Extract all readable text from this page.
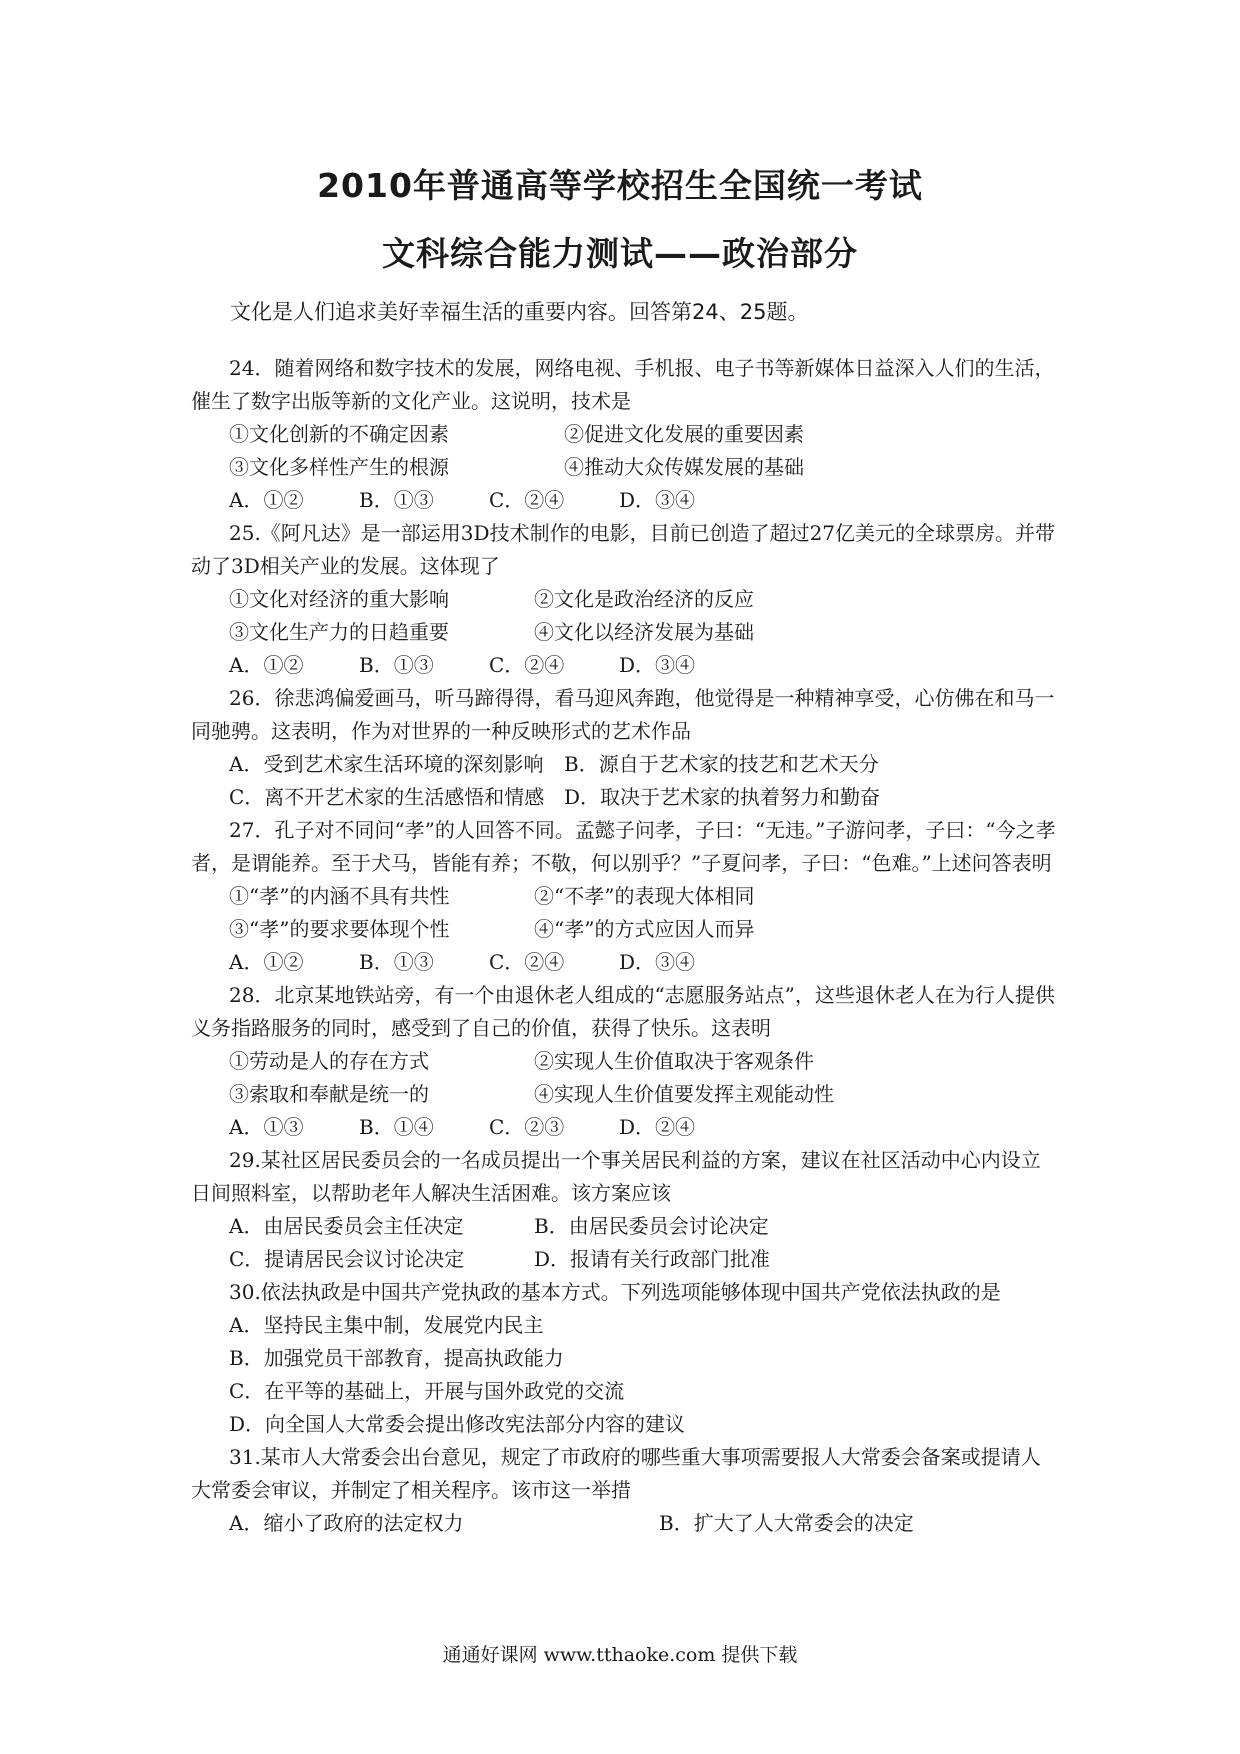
2010年普通高等学校招生全国统一考试
文科综合能力测试——政治部分
文化是人们追求美好幸福生活的重要内容。回答第24、25题。
24．随着网络和数字技术的发展，网络电视、手机报、电子书等新媒体日益深入人们的生活，催生了数字出版等新的文化产业。这说明，技术是
①文化创新的不确定因素	②促进文化发展的重要因素
③文化多样性产生的根源	④推动大众传媒发展的基础
A．①②	B．①③	C．②④	D．③④
25.《阿凡达》是一部运用3D技术制作的电影，目前已创造了超过27亿美元的全球票房。并带动了3D相关产业的发展。这体现了
①文化对经济的重大影响	②文化是政治经济的反应
③文化生产力的日趋重要	④文化以经济发展为基础
A．①②	B．①③	C．②④	D．③④
26．徐悲鸿偏爱画马，听马蹄得得，看马迎风奔跑，他觉得是一种精神享受，心仿佛在和马一同驰骋。这表明，作为对世界的一种反映形式的艺术作品
A．受到艺术家生活环境的深刻影响 B．源自于艺术家的技艺和艺术天分
C．离不开艺术家的生活感悟和情感 D．取决于艺术家的执着努力和勤奋
27．孔子对不同问“孝”的人回答不同。孟懿子问孝，子曰：“无违。”子游问孝，子曰：“今之孝者，是谓能养。至于犬马，皆能有养；不敬，何以别乎？”子夏问孝，子曰：“色难。”上述问答表明
①“孝”的内涵不具有共性	②“不孝”的表现大体相同
③“孝”的要求要体现个性	④“孝”的方式应因人而异
A．①②	B．①③	C．②④	D．③④
28．北京某地铁站旁，有一个由退休老人组成的“志愿服务站点”，这些退休老人在为行人提供义务指路服务的同时，感受到了自己的价值，获得了快乐。这表明
①劳动是人的存在方式	②实现人生价值取决于客观条件
③索取和奉献是统一的	④实现人生价值要发挥主观能动性
A．①③	B．①④	C．②③	D．②④
29.某社区居民委员会的一名成员提出一个事关居民利益的方案，建议在社区活动中心内设立日间照料室，以帮助老年人解决生活困难。该方案应该
A．由居民委员会主任决定	B．由居民委员会讨论决定
C．提请居民会议讨论决定	D．报请有关行政部门批准
30.依法执政是中国共产党执政的基本方式。下列选项能够体现中国共产党依法执政的是
A．坚持民主集中制，发展党内民主
B．加强党员干部教育，提高执政能力
C．在平等的基础上，开展与国外政党的交流
D．向全国人大常委会提出修改宪法部分内容的建议
31.某市人大常委会出台意见，规定了市政府的哪些重大事项需要报人大常委会备案或提请人大常委会审议，并制定了相关程序。该市这一举措
A．缩小了政府的法定权力	B．扩大了人大常委会的决定
通通好课网 www.tthaoke.com 提供下载
